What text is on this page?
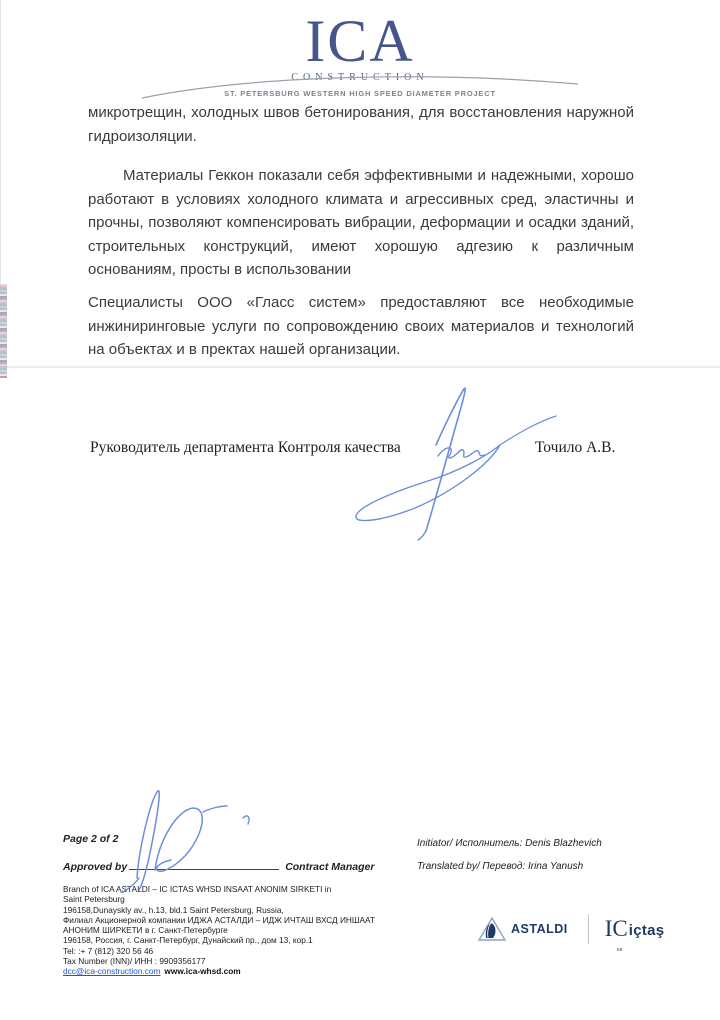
ICA
CONSTRUCTION
ST. PETERSBURG WESTERN HIGH SPEED DIAMETER PROJECT
микротрещин, холодных швов бетонирования, для восстановления наружной гидроизоляции.
Материалы Геккон показали себя эффективными и надежными, хорошо работают в условиях холодного климата и агрессивных сред, эластичны и прочны, позволяют компенсировать вибрации, деформации и осадки зданий, строительных конструкций, имеют хорошую адгезию к различным основаниям, просты в использовании
Специалисты ООО «Гласс систем» предоставляют все необходимые инжиниринговые услуги по сопровождению своих материалов и технологий на объектах и в пректах нашей организации.
Руководитель департамента Контроля качества	Точило А.В.
Page 2 of 2
Approved by	Contract Manager
Initiator/ Исполнитель: Denis Blazhevich
Translated by/ Перевод: Irina Yanush
Branch of ICA ASTALDI – IC ICTAS WHSD INSAAT ANONIM SIRKETI in
Saint Petersburg
196158,Dunayskly av., h.13, bld.1 Saint Petersburg, Russia,
Филиал Акционерной компании ИДЖА АСТАЛДИ – ИДЖ ИЧТАШ ВХСД ИНШААТ
АНОНИМ ШИРКЕТИ в г. Санкт-Петербурге
196158, Россия, г. Санкт-Петербург, Дунайский пр., дом 13, кор.1
Tel: :+ 7 (812) 320 56 46
Tax Number (INN)/ ИНН : 9909356177
dcc@ica-construction.com www.ica-whsd.com
ASTALDI IC
ce
içtaş
